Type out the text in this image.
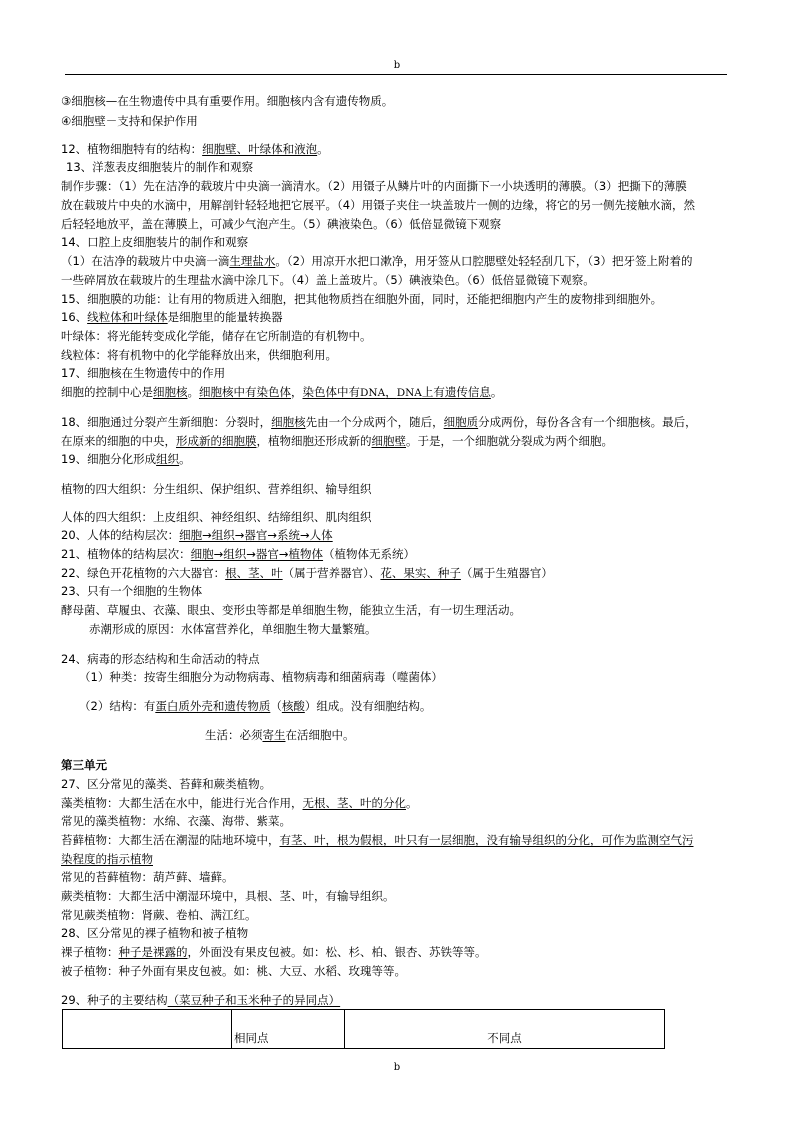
b
③细胞核—在生物遗传中具有重要作用。细胞核内含有遗传物质。
④细胞壁－支持和保护作用
12、植物细胞特有的结构：细胞壁、叶绿体和液泡。
13、洋葱表皮细胞装片的制作和观察
制作步骤：（1）先在洁净的载玻片中央滴一滴清水。（2）用镊子从鳞片叶的内面撕下一小块透明的薄膜。（3）把撕下的薄膜
放在载玻片中央的水滴中，用解剖针轻轻地把它展平。（4）用镊子夹住一块盖玻片一侧的边缘，将它的另一侧先接触水滴，然
后轻轻地放平，盖在薄膜上，可减少气泡产生。（5）碘液染色。（6）低倍显微镜下观察
14、口腔上皮细胞装片的制作和观察
（1）在洁净的载玻片中央滴一滴生理盐水。（2）用凉开水把口漱净，用牙签从口腔腮壁处轻轻刮几下，（3）把牙签上附着的
一些碎屑放在载玻片的生理盐水滴中涂几下。（4）盖上盖玻片。（5）碘液染色。（6）低倍显微镜下观察。
15、细胞膜的功能：让有用的物质进入细胞，把其他物质挡在细胞外面，同时，还能把细胞内产生的废物排到细胞外。
16、线粒体和叶绿体是细胞里的能量转换器
叶绿体：将光能转变成化学能，储存在它所制造的有机物中。
线粒体：将有机物中的化学能释放出来，供细胞利用。
17、细胞核在生物遗传中的作用
细胞的控制中心是细胞核。细胞核中有染色体，染色体中有DNA，DNA上有遗传信息。
18、细胞通过分裂产生新细胞：分裂时，细胞核先由一个分成两个，随后，细胞质分成两份，每份各含有一个细胞核。最后，
在原来的细胞的中央，形成新的细胞膜，植物细胞还形成新的细胞壁。于是，一个细胞就分裂成为两个细胞。
19、细胞分化形成组织。
植物的四大组织：分生组织、保护组织、营养组织、输导组织
人体的四大组织：上皮组织、神经组织、结缔组织、肌肉组织
20、人体的结构层次：细胞→组织→器官→系统→人体
21、植物体的结构层次：细胞→组织→器官→植物体（植物体无系统）
22、绿色开花植物的六大器官：根、茎、叶（属于营养器官）、花、果实、种子（属于生殖器官）
23、只有一个细胞的生物体
酵母菌、草履虫、衣藻、眼虫、变形虫等都是单细胞生物，能独立生活，有一切生理活动。
赤潮形成的原因：水体富营养化，单细胞生物大量繁殖。
24、病毒的形态结构和生命活动的特点
（1）种类：按寄生细胞分为动物病毒、植物病毒和细菌病毒（噬菌体）
（2）结构：有蛋白质外壳和遗传物质（核酸）组成。没有细胞结构。
生活：必须寄生在活细胞中。
第三单元
27、区分常见的藻类、苔藓和蕨类植物。
藻类植物：大都生活在水中，能进行光合作用，无根、茎、叶的分化。
常见的藻类植物：水绵、衣藻、海带、紫菜。
苔藓植物：大都生活在潮湿的陆地环境中，有茎、叶，根为假根，叶只有一层细胞，没有输导组织的分化，可作为监测空气污
染程度的指示植物
常见的苔藓植物：葫芦藓、墙藓。
蕨类植物：大都生活中潮湿环境中，具根、茎、叶，有输导组织。
常见蕨类植物：肾蕨、卷柏、满江红。
28、区分常见的裸子植物和被子植物
裸子植物：种子是裸露的，外面没有果皮包被。如：松、杉、柏、银杏、苏铁等等。
被子植物：种子外面有果皮包被。如：桃、大豆、水稻、玫瑰等等。
29、种子的主要结构（菜豆种子和玉米种子的异同点）
	相同点	不同点
b
